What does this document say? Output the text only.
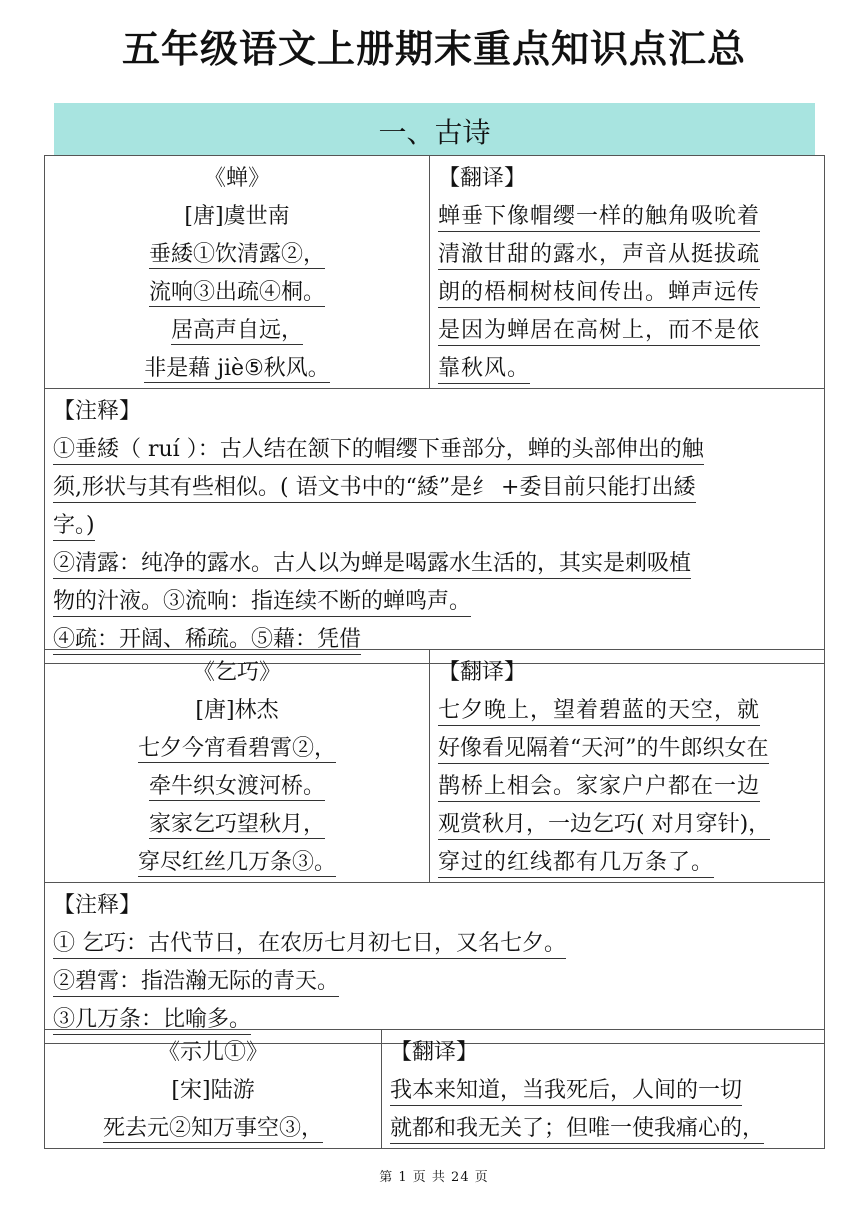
五年级语文上册期末重点知识点汇总
一、古诗
《蝉》
[唐]虞世南
垂緌①饮清露②，
流响③出疏④桐。
居高声自远，
非是藉 jiè⑤秋风。

【翻译】
蝉垂下像帽缨一样的触角吸吮着
清澈甘甜的露水，声音从挺拔疏
朗的梧桐树枝间传出。蝉声远传
是因为蝉居在高树上，而不是依
靠秋风。

【注释】
①垂緌（ ruí ）：古人结在颔下的帽缨下垂部分，蝉的头部伸出的触
须,形状与其有些相似。( 语文书中的“緌”是纟 +委目前只能打出緌
字。)
②清露：纯净的露水。古人以为蝉是喝露水生活的，其实是刺吸植
物的汁液。③流响：指连续不断的蝉鸣声。
④疏：开阔、稀疏。⑤藉：凭借
《乞巧》
[唐]林杰
七夕今宵看碧霄②，
牵牛织女渡河桥。
家家乞巧望秋月，
穿尽红丝几万条③。

【翻译】
七夕晚上，望着碧蓝的天空，就
好像看见隔着“天河”的牛郎织女在
鹊桥上相会。家家户户都在一边
观赏秋月，一边乞巧( 对月穿针)，
穿过的红线都有几万条了。

【注释】
① 乞巧：古代节日，在农历七月初七日，又名七夕。
②碧霄：指浩瀚无际的青天。
③几万条：比喻多。
《示儿①》
[宋]陆游
死去元②知万事空③，

【翻译】
我本来知道，当我死后，人间的一切
就都和我无关了；但唯一使我痛心的，
第 1 页 共 24 页
